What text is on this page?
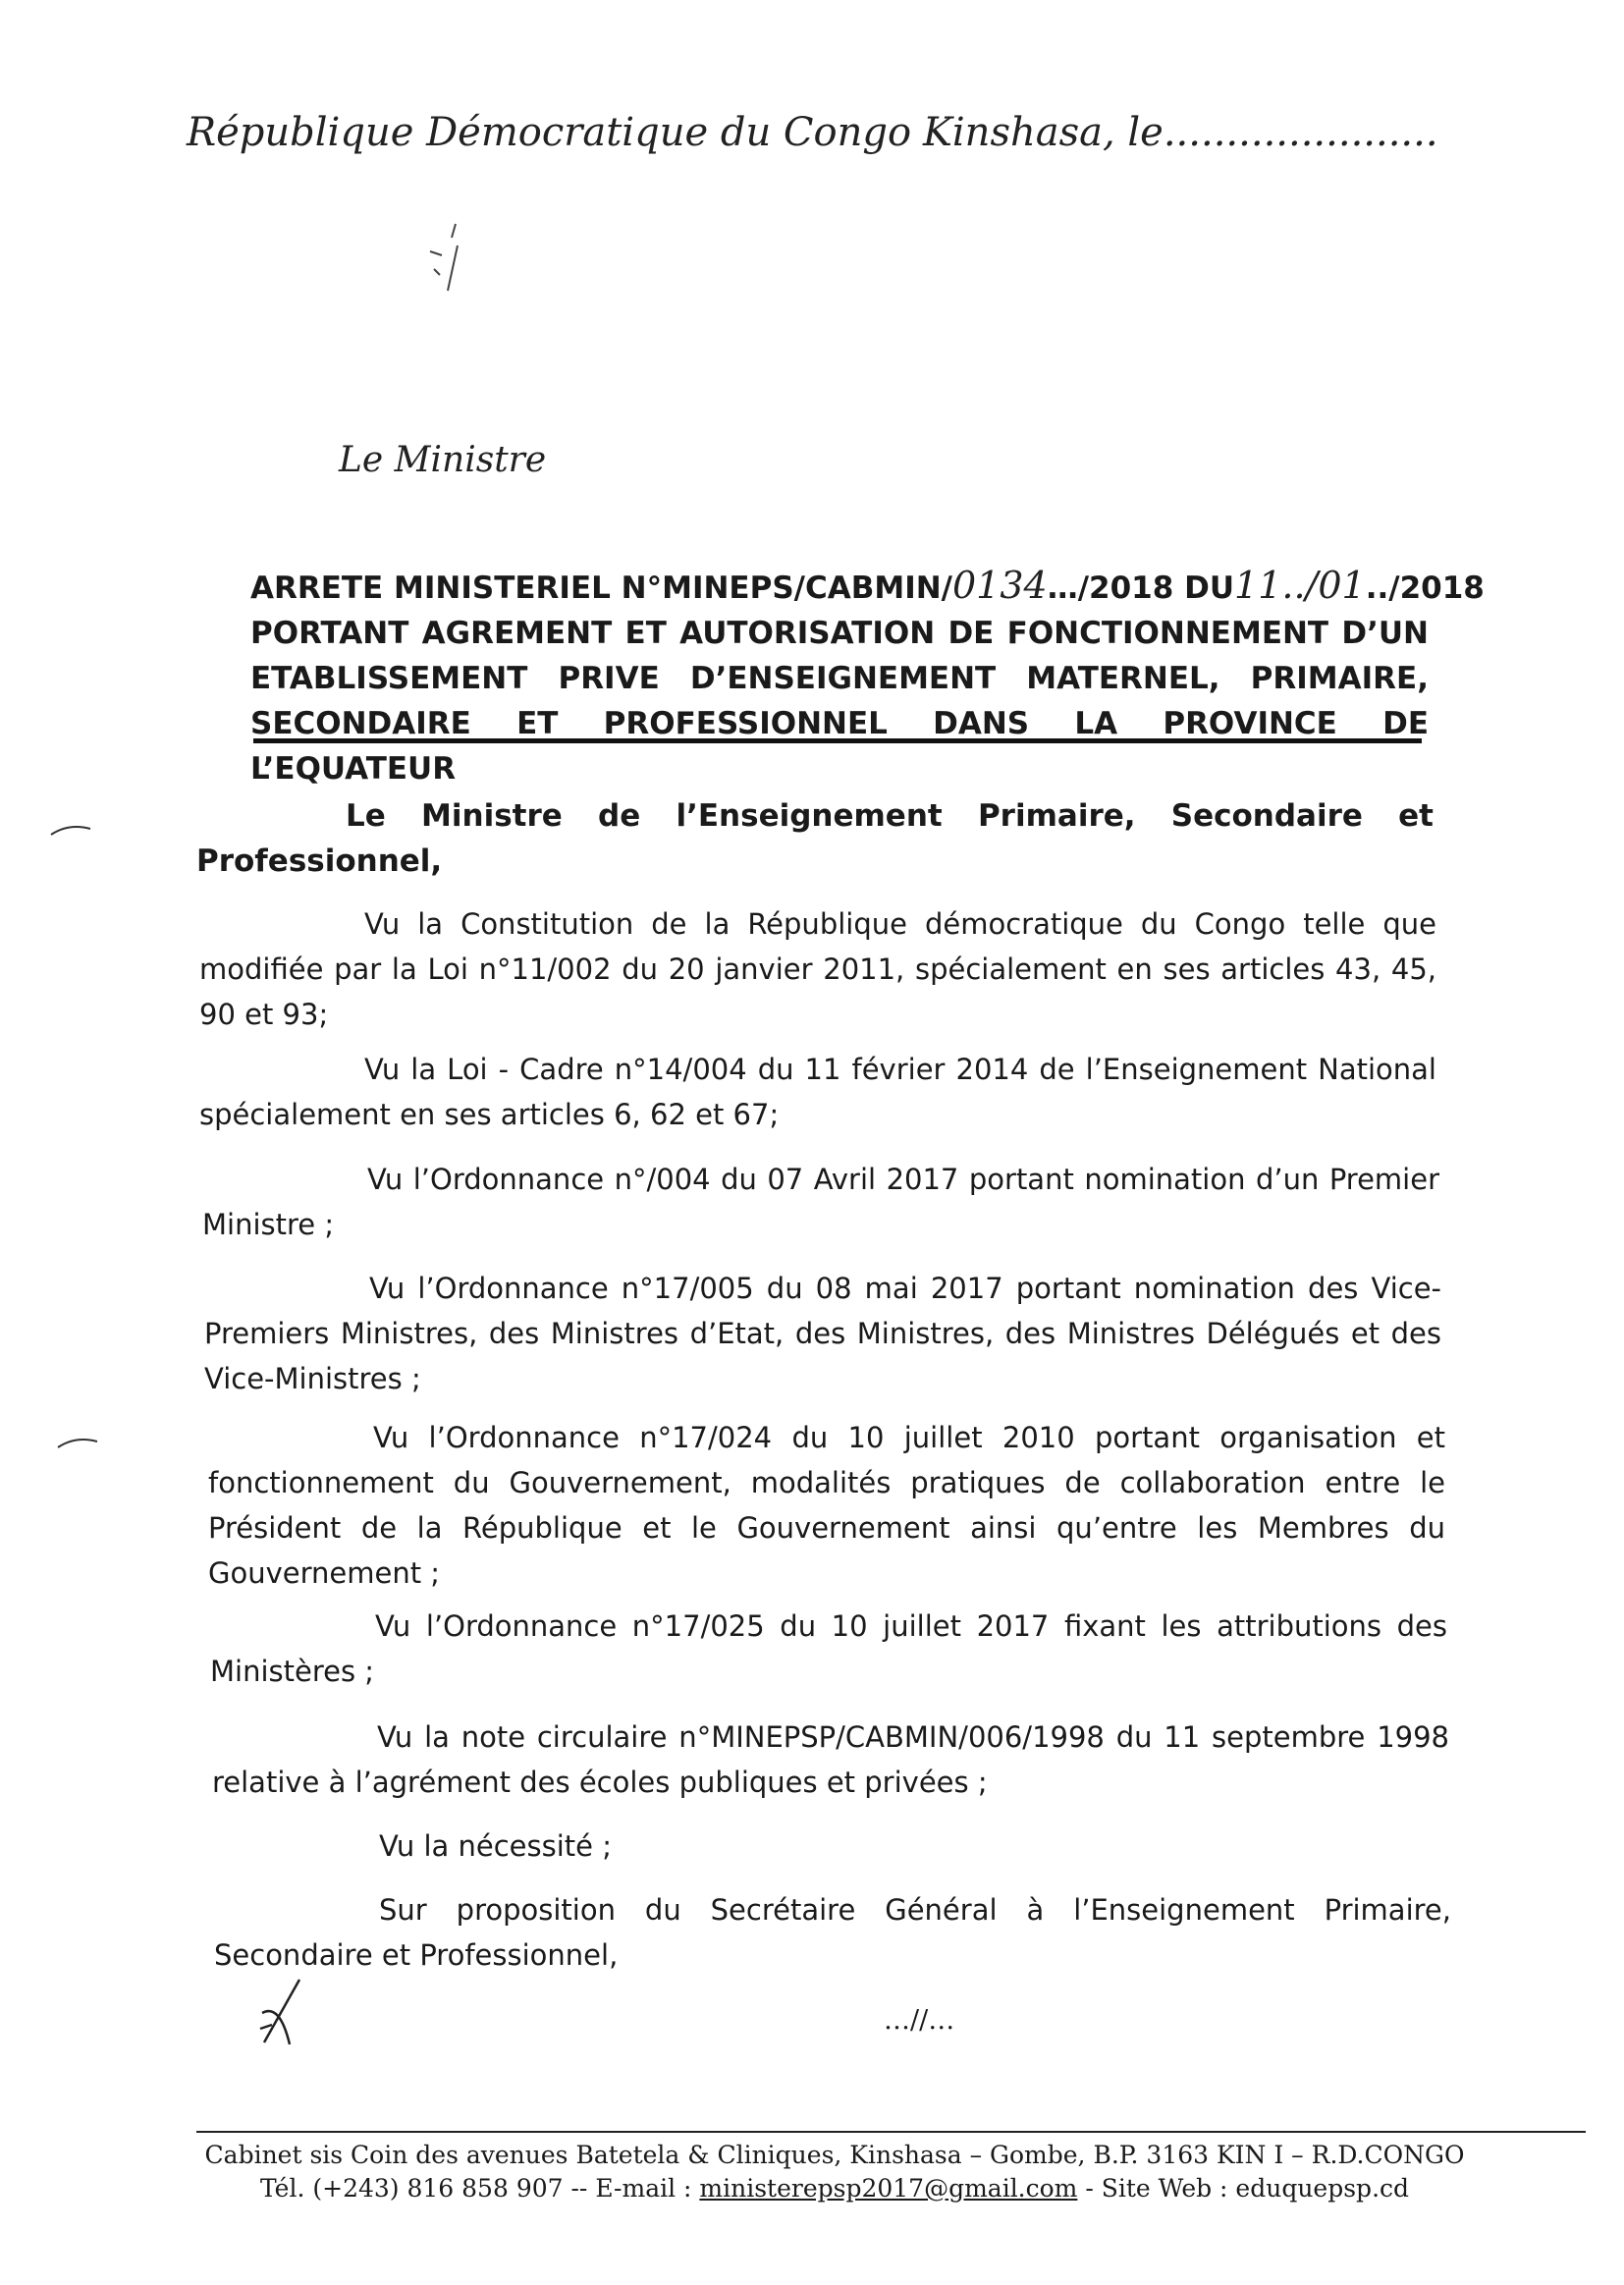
République Démocratique du Congo Kinshasa, le......................
Le Ministre
ARRETE MINISTERIEL N°MINEPS/CABMIN/0134…/2018 DU11../01../2018
PORTANT AGREMENT ET AUTORISATION DE FONCTIONNEMENT D’UN
ETABLISSEMENT PRIVE D’ENSEIGNEMENT MATERNEL, PRIMAIRE,
SECONDAIRE ET PROFESSIONNEL DANS LA PROVINCE DE L’EQUATEUR
Le Ministre de l’Enseignement Primaire, Secondaire et Professionnel,
Vu la Constitution de la République démocratique du Congo telle que modifiée par la Loi n°11/002 du 20 janvier 2011, spécialement en ses articles 43, 45, 90 et 93;
Vu la Loi - Cadre n°14/004 du 11 février 2014 de l’Enseignement National spécialement en ses articles 6, 62 et 67;
Vu l’Ordonnance n°/004 du 07 Avril 2017 portant nomination d’un Premier Ministre ;
Vu l’Ordonnance n°17/005 du 08 mai 2017 portant nomination des Vice-Premiers Ministres, des Ministres d’Etat, des Ministres, des Ministres Délégués et des Vice-Ministres ;
Vu l’Ordonnance n°17/024 du 10 juillet 2010 portant organisation et fonctionnement du Gouvernement, modalités pratiques de collaboration entre le Président de la République et le Gouvernement ainsi qu’entre les Membres du Gouvernement ;
Vu l’Ordonnance n°17/025 du 10 juillet 2017 fixant les attributions des Ministères ;
Vu la note circulaire n°MINEPSP/CABMIN/006/1998 du 11 septembre 1998 relative à l’agrément des écoles publiques et privées ;
Vu la nécessité ;
Sur proposition du Secrétaire Général à l’Enseignement Primaire, Secondaire et Professionnel,
…//…
Cabinet sis Coin des avenues Batetela & Cliniques, Kinshasa – Gombe, B.P. 3163 KIN I – R.D.CONGO
Tél. (+243) 816 858 907 -- E-mail : ministerepsp2017@gmail.com - Site Web : eduquepsp.cd
